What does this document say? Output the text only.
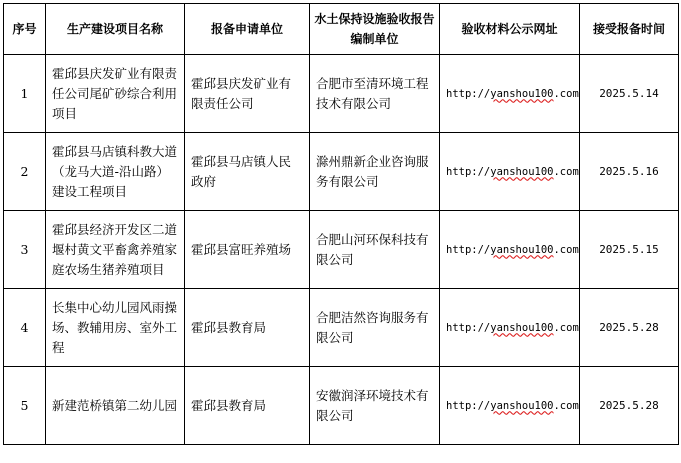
序号	生产建设项目名称	报备申请单位	水土保持设施验收报告编制单位	验收材料公示网址	接受报备时间
1	霍邱县庆发矿业有限责任公司尾矿砂综合利用项目	霍邱县庆发矿业有限责任公司	合肥市至清环境工程技术有限公司	http://yanshou100.com	2025.5.14
2	霍邱县马店镇科教大道（龙马大道-沿山路）建设工程项目	霍邱县马店镇人民政府	滁州鼎新企业咨询服务有限公司	http://yanshou100.com	2025.5.16
3	霍邱县经济开发区二道堰村黄文平畜禽养殖家庭农场生猪养殖项目	霍邱县富旺养殖场	合肥山河环保科技有限公司	http://yanshou100.com	2025.5.15
4	长集中心幼儿园风雨操场、教辅用房、室外工程	霍邱县教育局	合肥洁然咨询服务有限公司	http://yanshou100.com	2025.5.28
5	新建范桥镇第二幼儿园	霍邱县教育局	安徽润泽环境技术有限公司	http://yanshou100.com	2025.5.28
